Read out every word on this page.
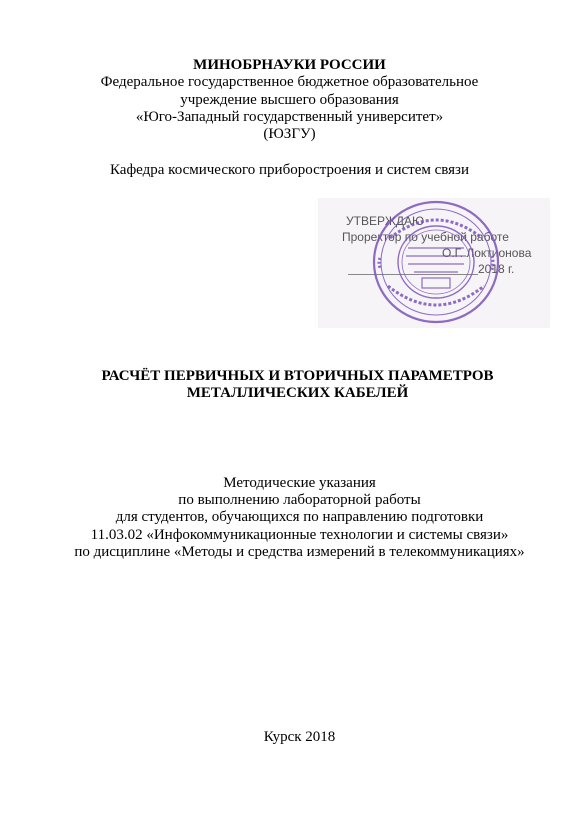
МИНОБРНАУКИ РОССИИ
Федеральное государственное бюджетное образовательное
учреждение высшего образования
«Юго-Западный государственный университет»
(ЮЗГУ)
Кафедра космического приборостроения и систем связи
УТВЕРЖДАЮ
Проректор по учебной работе
О.Г. Локтионова
2018 г.
РАСЧЁТ ПЕРВИЧНЫХ И ВТОРИЧНЫХ ПАРАМЕТРОВ
МЕТАЛЛИЧЕСКИХ КАБЕЛЕЙ
Методические указания
по выполнению лабораторной работы
для студентов, обучающихся по направлению подготовки
11.03.02 «Инфокоммуникационные технологии и системы связи»
по дисциплине «Методы и средства измерений в телекоммуникациях»
Курск 2018
